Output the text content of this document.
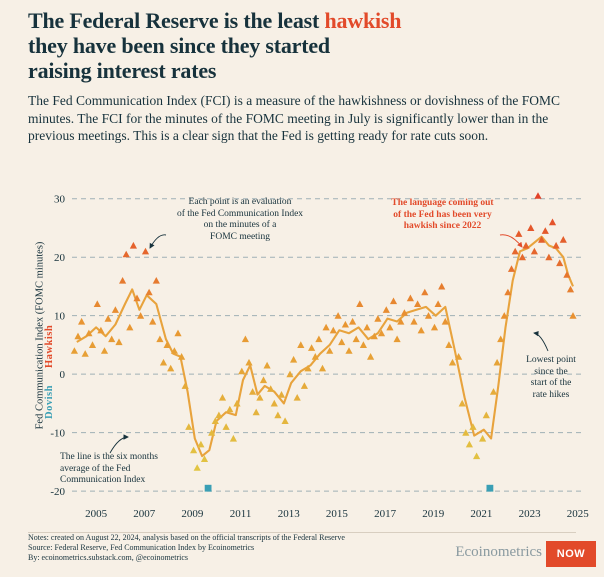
The Federal Reserve is the least hawkish
they have been since they started
raising interest rates
The Fed Communication Index (FCI) is a measure of the hawkishness or dovishness of the FOMC minutes. The FCI for the minutes of the FOMC meeting in July is significantly lower than in the previous meetings. This is a clear sign that the Fed is getting ready for rate cuts soon.
-20
-10
0
10
20
30
2005 2007 2009 2011 2013 2015 2017 2019 2021 2023 2025
Fed Communication Index (FOMC minutes)
Hawkish
Dovish
Each point is an evaluation
of the Fed Communication Index
on the minutes of a
FOMC meeting
The language coming out
of the Fed has been very
hawkish since 2022
Lowest point
since the
start of the
rate hikes
The line is the six months
average of the Fed
Communication Index
Notes: created on August 22, 2024, analysis based on the official transcripts of the Federal Reserve
Source: Federal Reserve, Fed Communication Index by Ecoinometrics
By: ecoinometrics.substack.com, @ecoinometrics	Ecoinometrics NOW
